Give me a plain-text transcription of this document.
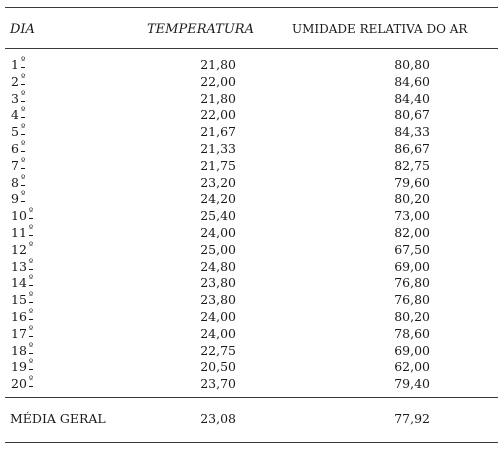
DIA	TEMPERATURA	UMIDADE RELATIVA DO AR
1 º	21,80	80,80
2 º	22,00	84,60
3 º	21,80	84,40
4 º	22,00	80,67
5 º	21,67	84,33
6 º	21,33	86,67
7 º	21,75	82,75
8 º	23,20	79,60
9 º	24,20	80,20
10 º	25,40	73,00
11 º	24,00	82,00
12 º	25,00	67,50
13 º	24,80	69,00
14 º	23,80	76,80
15 º	23,80	76,80
16 º	24,00	80,20
17 º	24,00	78,60
18 º	22,75	69,00
19 º	20,50	62,00
20 º	23,70	79,40
MÉDIA GERAL	23,08	77,92
